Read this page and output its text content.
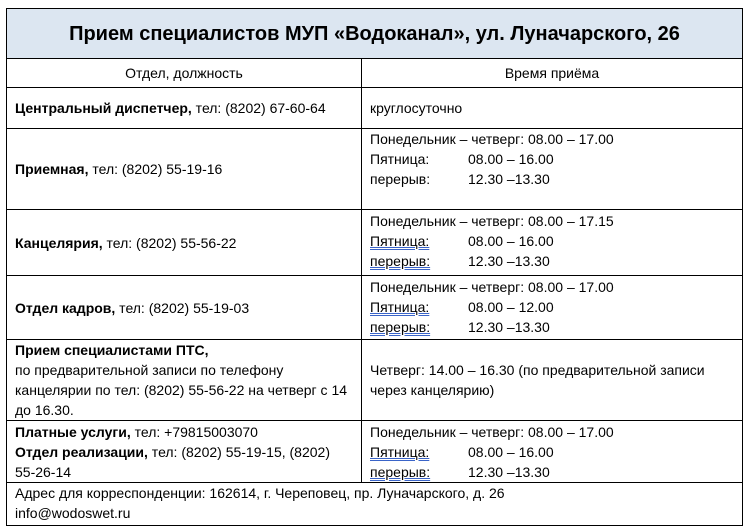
Прием специалистов МУП «Водоканал», ул. Луначарского, 26	
Отдел, должность	Время приёма
Центральный диспетчер, тел: (8202) 67-60-64	круглосуточно
Приемная, тел: (8202) 55-19-16	Понедельник – четверг: 08.00 – 17.00
Пятница: 08.00 – 16.00
перерыв: 12.30 –13.30

Канцелярия, тел: (8202) 55-56-22	Понедельник – четверг: 08.00 – 17.15
Пятница: 08.00 – 16.00
перерыв: 12.30 –13.30

Отдел кадров, тел: (8202) 55-19-03	Понедельник – четверг: 08.00 – 17.00
Пятница: 08.00 – 12.00
перерыв: 12.30 –13.30

Прием специалистами ПТС,
по предварительной записи по телефону канцелярии по тел: (8202) 55-56-22 на четверг с 14 до 16.30.	Четверг: 14.00 – 16.30 (по предварительной записи через канцелярию)

Платные услуги, тел: +79815003070
Отдел реализации, тел: (8202) 55-19-15, (8202) 55-26-14	Понедельник – четверг: 08.00 – 17.00
Пятница: 08.00 – 16.00
перерыв: 12.30 –13.30

Адрес для корреспонденции: 162614, г. Череповец, пр. Луначарского, д. 26
info@wodoswet.ru	
